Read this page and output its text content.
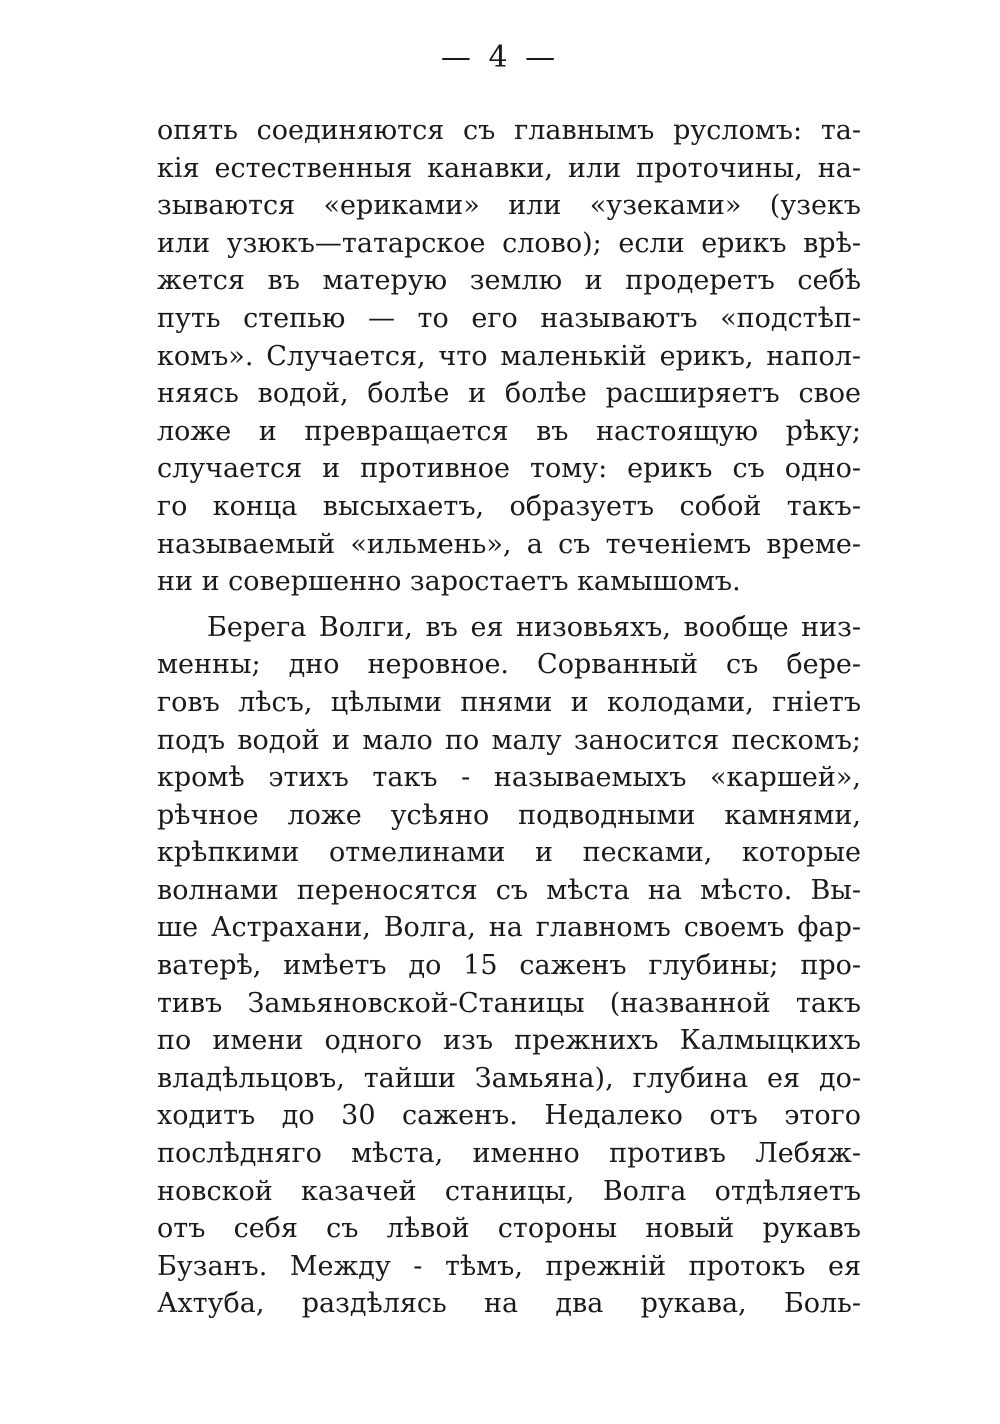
— 4 —
опять соединяются съ главнымъ русломъ: та-
кія естественныя канавки, или проточины, на-
зываются «ериками» или «узеками» (узекъ
или узюкъ—татарское слово); если ерикъ врѣ-
жется въ матерую землю и продеретъ себѣ
путь степью — то его называютъ «подстѣп-
комъ». Случается, что маленькій ерикъ, напол-
няясь водой, болѣе и болѣе расширяетъ свое
ложе и превращается въ настоящую рѣку;
случается и противное тому: ерикъ съ одно-
го конца высыхаетъ, образуетъ собой такъ-
называемый «ильмень», а съ теченіемъ време-
ни и совершенно заростаетъ камышомъ.
Берега Волги, въ ея низовьяхъ, вообще низ-
менны; дно неровное. Сорванный съ бере-
говъ лѣсъ, цѣлыми пнями и колодами, гніетъ
подъ водой и мало по малу заносится пескомъ;
кромѣ этихъ такъ - называемыхъ «каршей»,
рѣчное ложе усѣяно подводными камнями,
крѣпкими отмелинами и песками, которые
волнами переносятся съ мѣста на мѣсто. Вы-
ше Астрахани, Волга, на главномъ своемъ фар-
ватерѣ, имѣетъ до 15 саженъ глубины; про-
тивъ Замьяновской-Станицы (названной такъ
по имени одного изъ прежнихъ Калмыцкихъ
владѣльцовъ, тайши Замьяна), глубина ея до-
ходитъ до 30 саженъ. Недалеко отъ этого
послѣдняго мѣста, именно противъ Лебяж-
новской казачей станицы, Волга отдѣляетъ
отъ себя съ лѣвой стороны новый рукавъ
Бузанъ. Между - тѣмъ, прежній протокъ ея
Ахтуба, раздѣлясь на два рукава, Боль-
